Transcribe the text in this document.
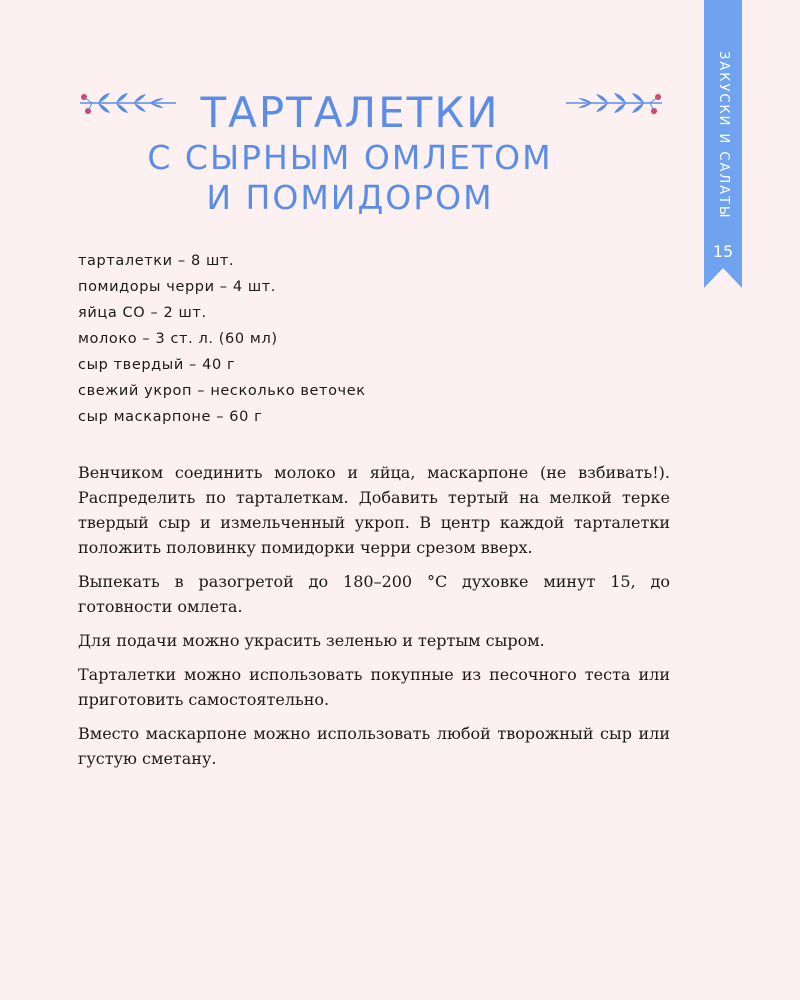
ЗАКУСКИ И САЛАТЫ
15
ТАРТАЛЕТКИ
С СЫРНЫМ ОМЛЕТОМ
И ПОМИДОРОМ
тарталетки – 8 шт.
помидоры черри – 4 шт.
яйца СО – 2 шт.
молоко – 3 ст. л. (60 мл)
сыр твердый – 40 г
свежий укроп – несколько веточек
сыр маскарпоне – 60 г

Венчиком соединить молоко и яйца, маскарпоне (не взбивать!). Распределить по тарталеткам. Добавить тертый на мелкой терке твердый сыр и измельченный укроп. В центр каждой тарталетки положить половинку помидорки черри срезом вверх.

Выпекать в разогретой до 180–200 °С духовке минут 15, до готовности омлета.

Для подачи можно украсить зеленью и тертым сыром.

Тарталетки можно использовать покупные из песочного теста или приготовить самостоятельно.

Вместо маскарпоне можно использовать любой творожный сыр или густую сметану.
